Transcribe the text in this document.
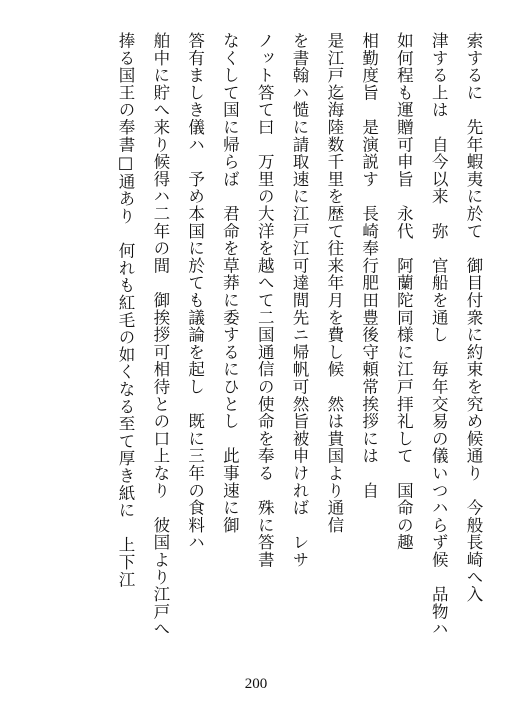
索するに　先年蝦夷に於て　御目付衆に約束を究め候通り　今般長崎へ入
津する上は　自今以来　弥　官船を通し　毎年交易の儀いつハらず候　品物ハ
如何程も運贈可申旨　永代　阿蘭陀同様に江戸拝礼して　国命の趣
相勤度旨　是演説す　長崎奉行肥田豊後守頼常挨拶には　自
是江戸迄海陸数千里を歴て往来年月を費し候　然は貴国より通信
を書翰ハ慥に請取速に江戸江可達間先ニ帰帆可然旨被申ければ　レサ
ノット答て曰　万里の大洋を越へて二国通信の使命を奉る　殊に答書
なくして国に帰らば　君命を草莽に委するにひとし　此事速に御
答有ましき儀ハ　予め本国に於ても議論を起し　既に三年の食料ハ
舶中に貯へ来り候得ハ二年の間　御挨拶可相待との口上なり　彼国より江戸へ
捧る国王の奉書□通あり　何れも紅毛の如くなる至て厚き紙に　上下江
200
